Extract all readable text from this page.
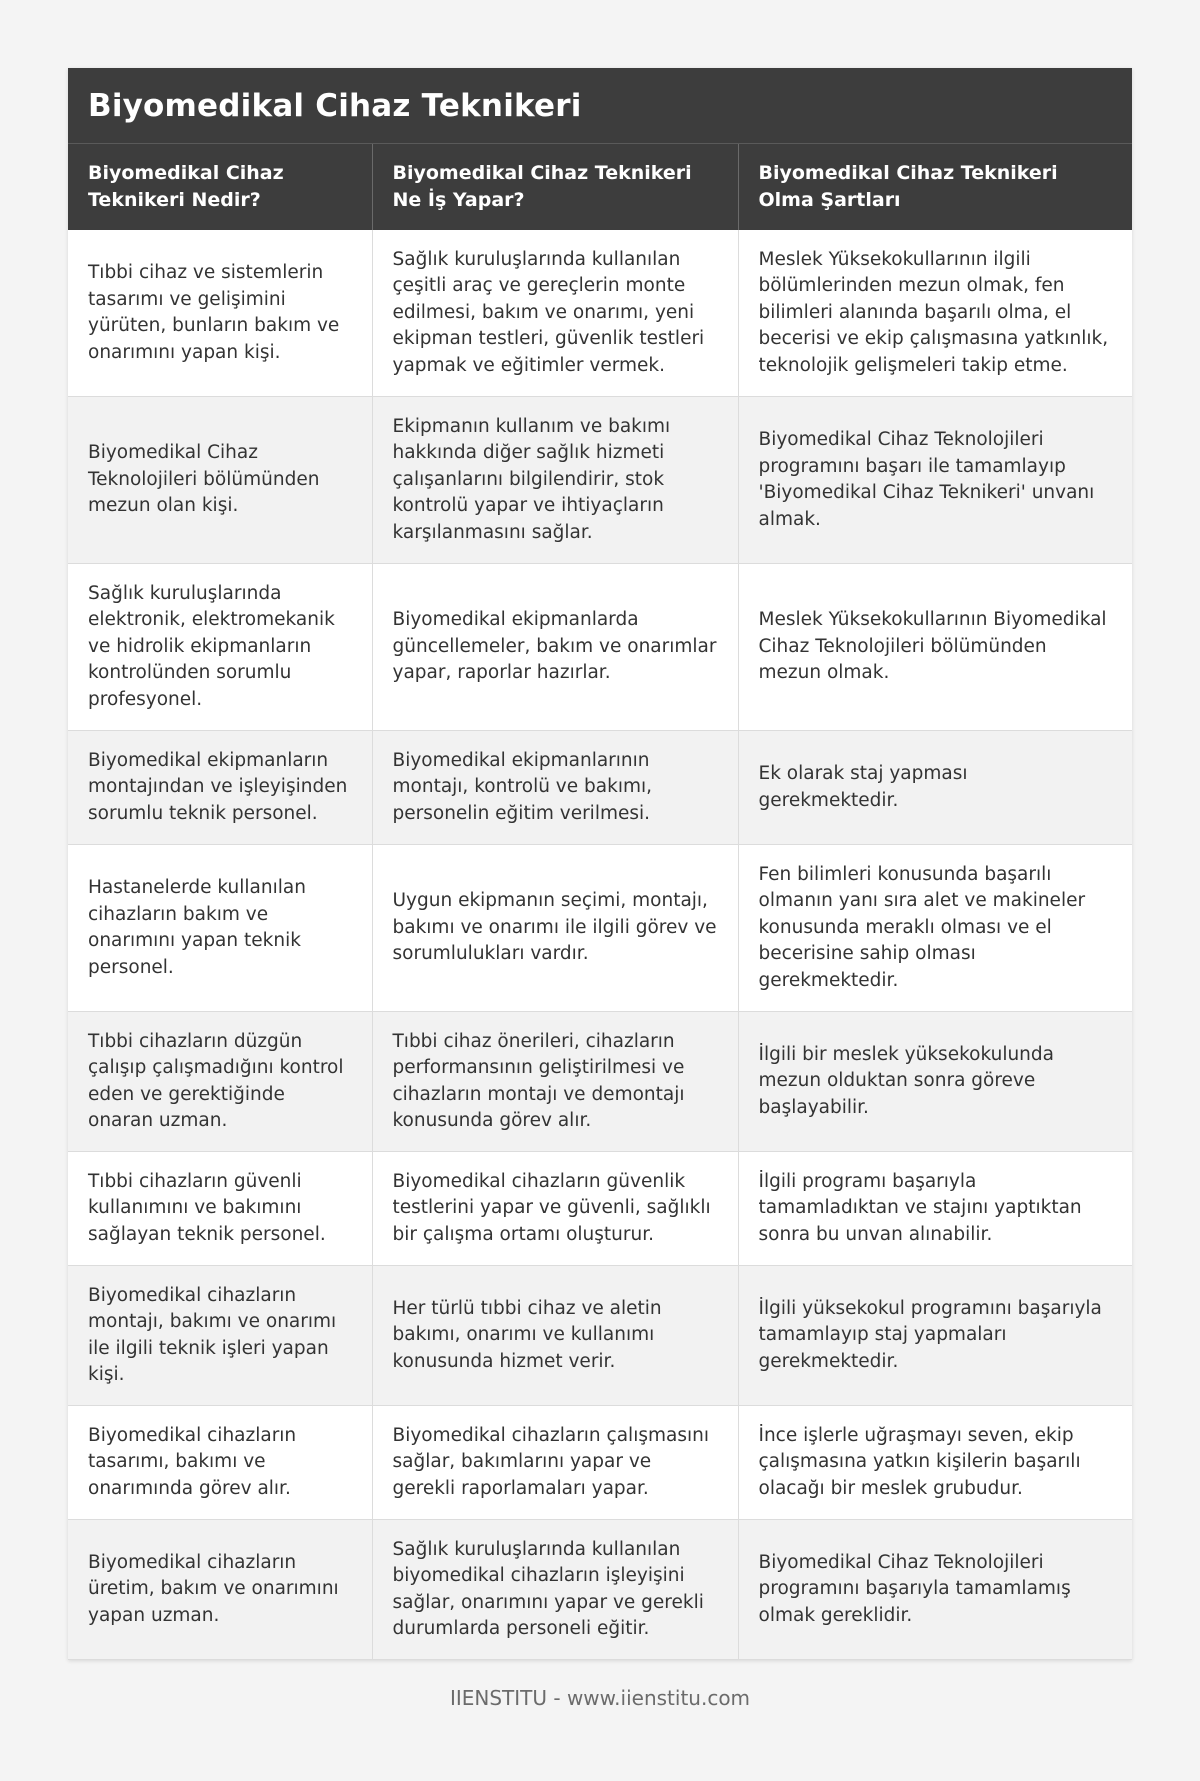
Biyomedikal Cihaz Teknikeri
Biyomedikal Cihaz Teknikeri Nedir?	Biyomedikal Cihaz Teknikeri Ne İş Yapar?	Biyomedikal Cihaz Teknikeri Olma Şartları
Tıbbi cihaz ve sistemlerin tasarımı ve gelişimini yürüten, bunların bakım ve onarımını yapan kişi.	Sağlık kuruluşlarında kullanılan çeşitli araç ve gereçlerin monte edilmesi, bakım ve onarımı, yeni ekipman testleri, güvenlik testleri yapmak ve eğitimler vermek.	Meslek Yüksekokullarının ilgili bölümlerinden mezun olmak, fen bilimleri alanında başarılı olma, el becerisi ve ekip çalışmasına yatkınlık, teknolojik gelişmeleri takip etme.
Biyomedikal Cihaz Teknolojileri bölümünden mezun olan kişi.	Ekipmanın kullanım ve bakımı hakkında diğer sağlık hizmeti çalışanlarını bilgilendirir, stok kontrolü yapar ve ihtiyaçların karşılanmasını sağlar.	Biyomedikal Cihaz Teknolojileri programını başarı ile tamamlayıp 'Biyomedikal Cihaz Teknikeri' unvanı almak.
Sağlık kuruluşlarında elektronik, elektromekanik ve hidrolik ekipmanların kontrolünden sorumlu profesyonel.	Biyomedikal ekipmanlarda güncellemeler, bakım ve onarımlar yapar, raporlar hazırlar.	Meslek Yüksekokullarının Biyomedikal Cihaz Teknolojileri bölümünden mezun olmak.
Biyomedikal ekipmanların montajından ve işleyişinden sorumlu teknik personel.	Biyomedikal ekipmanlarının montajı, kontrolü ve bakımı, personelin eğitim verilmesi.	Ek olarak staj yapması gerekmektedir.
Hastanelerde kullanılan cihazların bakım ve onarımını yapan teknik personel.	Uygun ekipmanın seçimi, montajı, bakımı ve onarımı ile ilgili görev ve sorumlulukları vardır.	Fen bilimleri konusunda başarılı olmanın yanı sıra alet ve makineler konusunda meraklı olması ve el becerisine sahip olması gerekmektedir.
Tıbbi cihazların düzgün çalışıp çalışmadığını kontrol eden ve gerektiğinde onaran uzman.	Tıbbi cihaz önerileri, cihazların performansının geliştirilmesi ve cihazların montajı ve demontajı konusunda görev alır.	İlgili bir meslek yüksekokulunda mezun olduktan sonra göreve başlayabilir.
Tıbbi cihazların güvenli kullanımını ve bakımını sağlayan teknik personel.	Biyomedikal cihazların güvenlik testlerini yapar ve güvenli, sağlıklı bir çalışma ortamı oluşturur.	İlgili programı başarıyla tamamladıktan ve stajını yaptıktan sonra bu unvan alınabilir.
Biyomedikal cihazların montajı, bakımı ve onarımı ile ilgili teknik işleri yapan kişi.	Her türlü tıbbi cihaz ve aletin bakımı, onarımı ve kullanımı konusunda hizmet verir.	İlgili yüksekokul programını başarıyla tamamlayıp staj yapmaları gerekmektedir.
Biyomedikal cihazların tasarımı, bakımı ve onarımında görev alır.	Biyomedikal cihazların çalışmasını sağlar, bakımlarını yapar ve gerekli raporlamaları yapar.	İnce işlerle uğraşmayı seven, ekip çalışmasına yatkın kişilerin başarılı olacağı bir meslek grubudur.
Biyomedikal cihazların üretim, bakım ve onarımını yapan uzman.	Sağlık kuruluşlarında kullanılan biyomedikal cihazların işleyişini sağlar, onarımını yapar ve gerekli durumlarda personeli eğitir.	Biyomedikal Cihaz Teknolojileri programını başarıyla tamamlamış olmak gereklidir.
IIENSTITU - www.iienstitu.com
